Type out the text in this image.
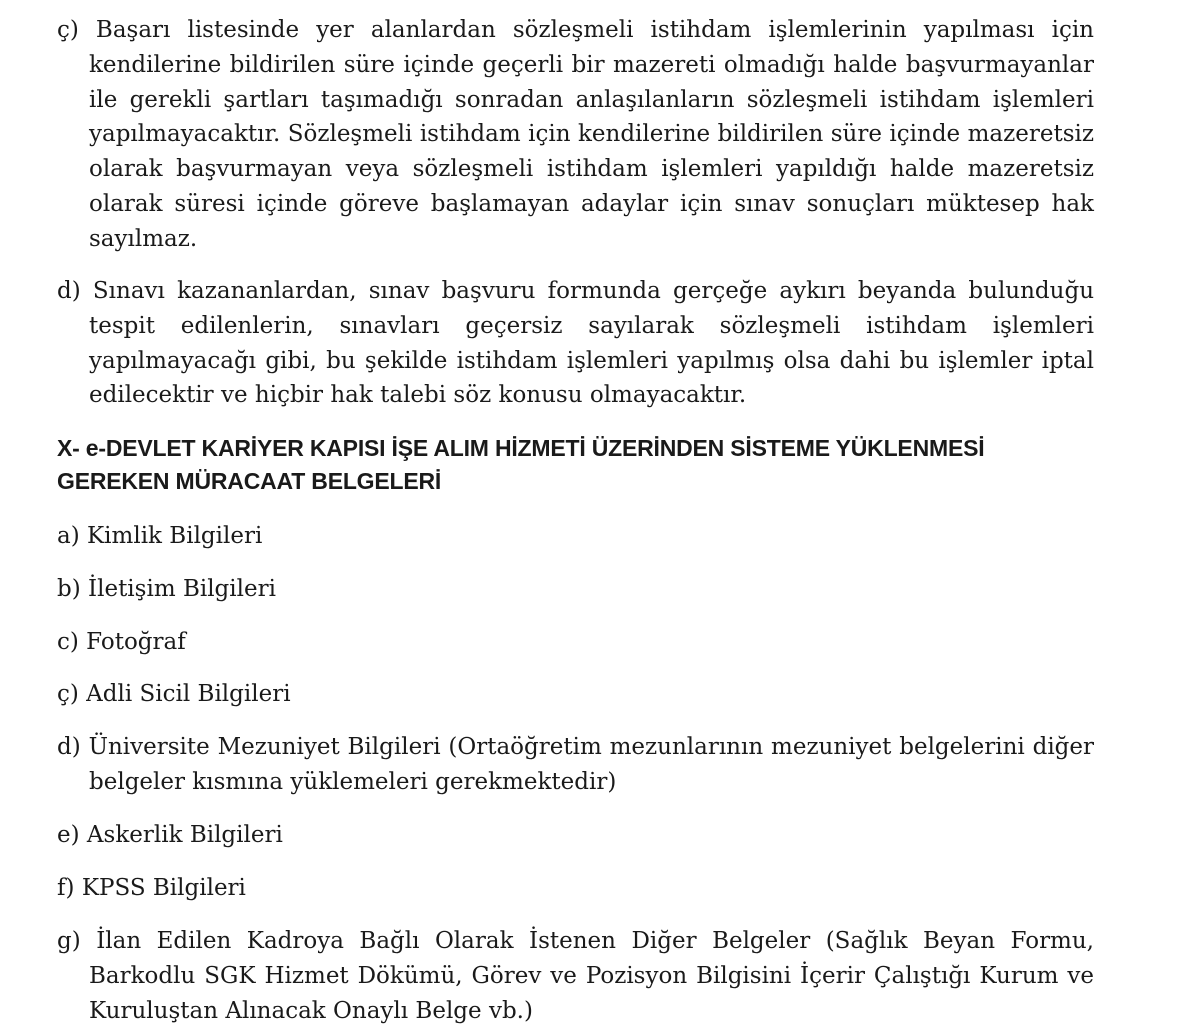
ç) Başarı listesinde yer alanlardan sözleşmeli istihdam işlemlerinin yapılması için kendilerine bildirilen süre içinde geçerli bir mazereti olmadığı halde başvurmayanlar ile gerekli şartları taşımadığı sonradan anlaşılanların sözleşmeli istihdam işlemleri yapılmayacaktır. Sözleşmeli istihdam için kendilerine bildirilen süre içinde mazeretsiz olarak başvurmayan veya sözleşmeli istihdam işlemleri yapıldığı halde mazeretsiz olarak süresi içinde göreve başlamayan adaylar için sınav sonuçları müktesep hak sayılmaz.

d) Sınavı kazananlardan, sınav başvuru formunda gerçeğe aykırı beyanda bulunduğu tespit edilenlerin, sınavları geçersiz sayılarak sözleşmeli istihdam işlemleri yapılmayacağı gibi, bu şekilde istihdam işlemleri yapılmış olsa dahi bu işlemler iptal edilecektir ve hiçbir hak talebi söz konusu olmayacaktır.

X- e-DEVLET KARİYER KAPISI İŞE ALIM HİZMETİ ÜZERİNDEN SİSTEME YÜKLENMESİ GEREKEN MÜRACAAT BELGELERİ

a) Kimlik Bilgileri

b) İletişim Bilgileri

c) Fotoğraf

ç) Adli Sicil Bilgileri

d) Üniversite Mezuniyet Bilgileri (Ortaöğretim mezunlarının mezuniyet belgelerini diğer belgeler kısmına yüklemeleri gerekmektedir)

e) Askerlik Bilgileri

f) KPSS Bilgileri

g) İlan Edilen Kadroya Bağlı Olarak İstenen Diğer Belgeler (Sağlık Beyan Formu, Barkodlu SGK Hizmet Dökümü, Görev ve Pozisyon Bilgisini İçerir Çalıştığı Kurum ve Kuruluştan Alınacak Onaylı Belge vb.)
